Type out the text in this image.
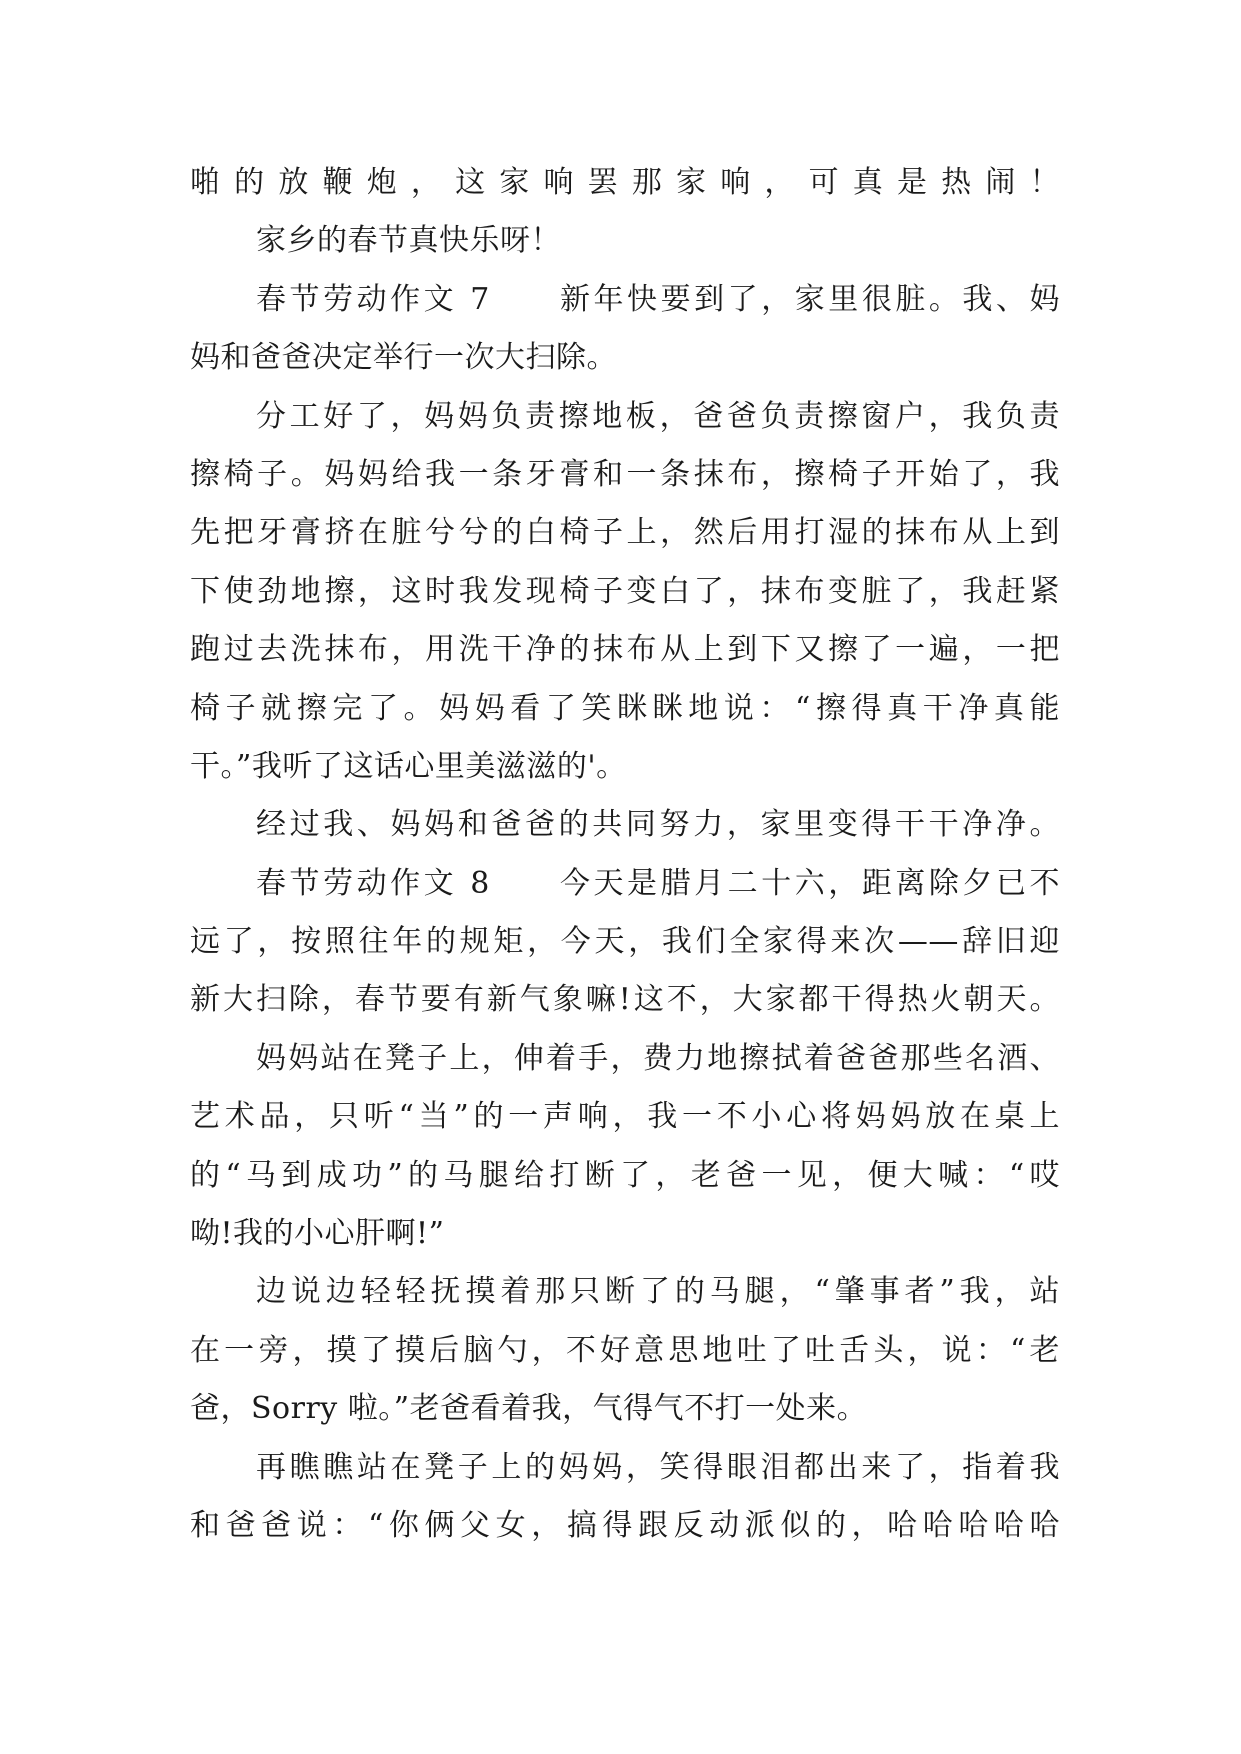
啪的放鞭炮，这家响罢那家响，可真是热闹！
家乡的春节真快乐呀！
春节劳动作文 7　　新年快要到了，家里很脏。我、妈
妈和爸爸决定举行一次大扫除。
分工好了，妈妈负责擦地板，爸爸负责擦窗户，我负责
擦椅子。妈妈给我一条牙膏和一条抹布，擦椅子开始了，我
先把牙膏挤在脏兮兮的白椅子上，然后用打湿的抹布从上到
下使劲地擦，这时我发现椅子变白了，抹布变脏了，我赶紧
跑过去洗抹布，用洗干净的抹布从上到下又擦了一遍，一把
椅子就擦完了。妈妈看了笑眯眯地说：“擦得真干净真能
干。”我听了这话心里美滋滋的'。
经过我、妈妈和爸爸的共同努力，家里变得干干净净。
春节劳动作文 8　　今天是腊月二十六，距离除夕已不
远了，按照往年的规矩，今天，我们全家得来次——辞旧迎
新大扫除，春节要有新气象嘛!这不，大家都干得热火朝天。
妈妈站在凳子上，伸着手，费力地擦拭着爸爸那些名酒、
艺术品，只听“当”的一声响，我一不小心将妈妈放在桌上
的“马到成功”的马腿给打断了，老爸一见，便大喊：“哎
呦!我的小心肝啊!”
边说边轻轻抚摸着那只断了的马腿，“肇事者”我，站
在一旁，摸了摸后脑勺，不好意思地吐了吐舌头，说：“老
爸，Sorry 啦。”老爸看着我，气得气不打一处来。
再瞧瞧站在凳子上的妈妈，笑得眼泪都出来了，指着我
和爸爸说：“你俩父女，搞得跟反动派似的，哈哈哈哈哈
